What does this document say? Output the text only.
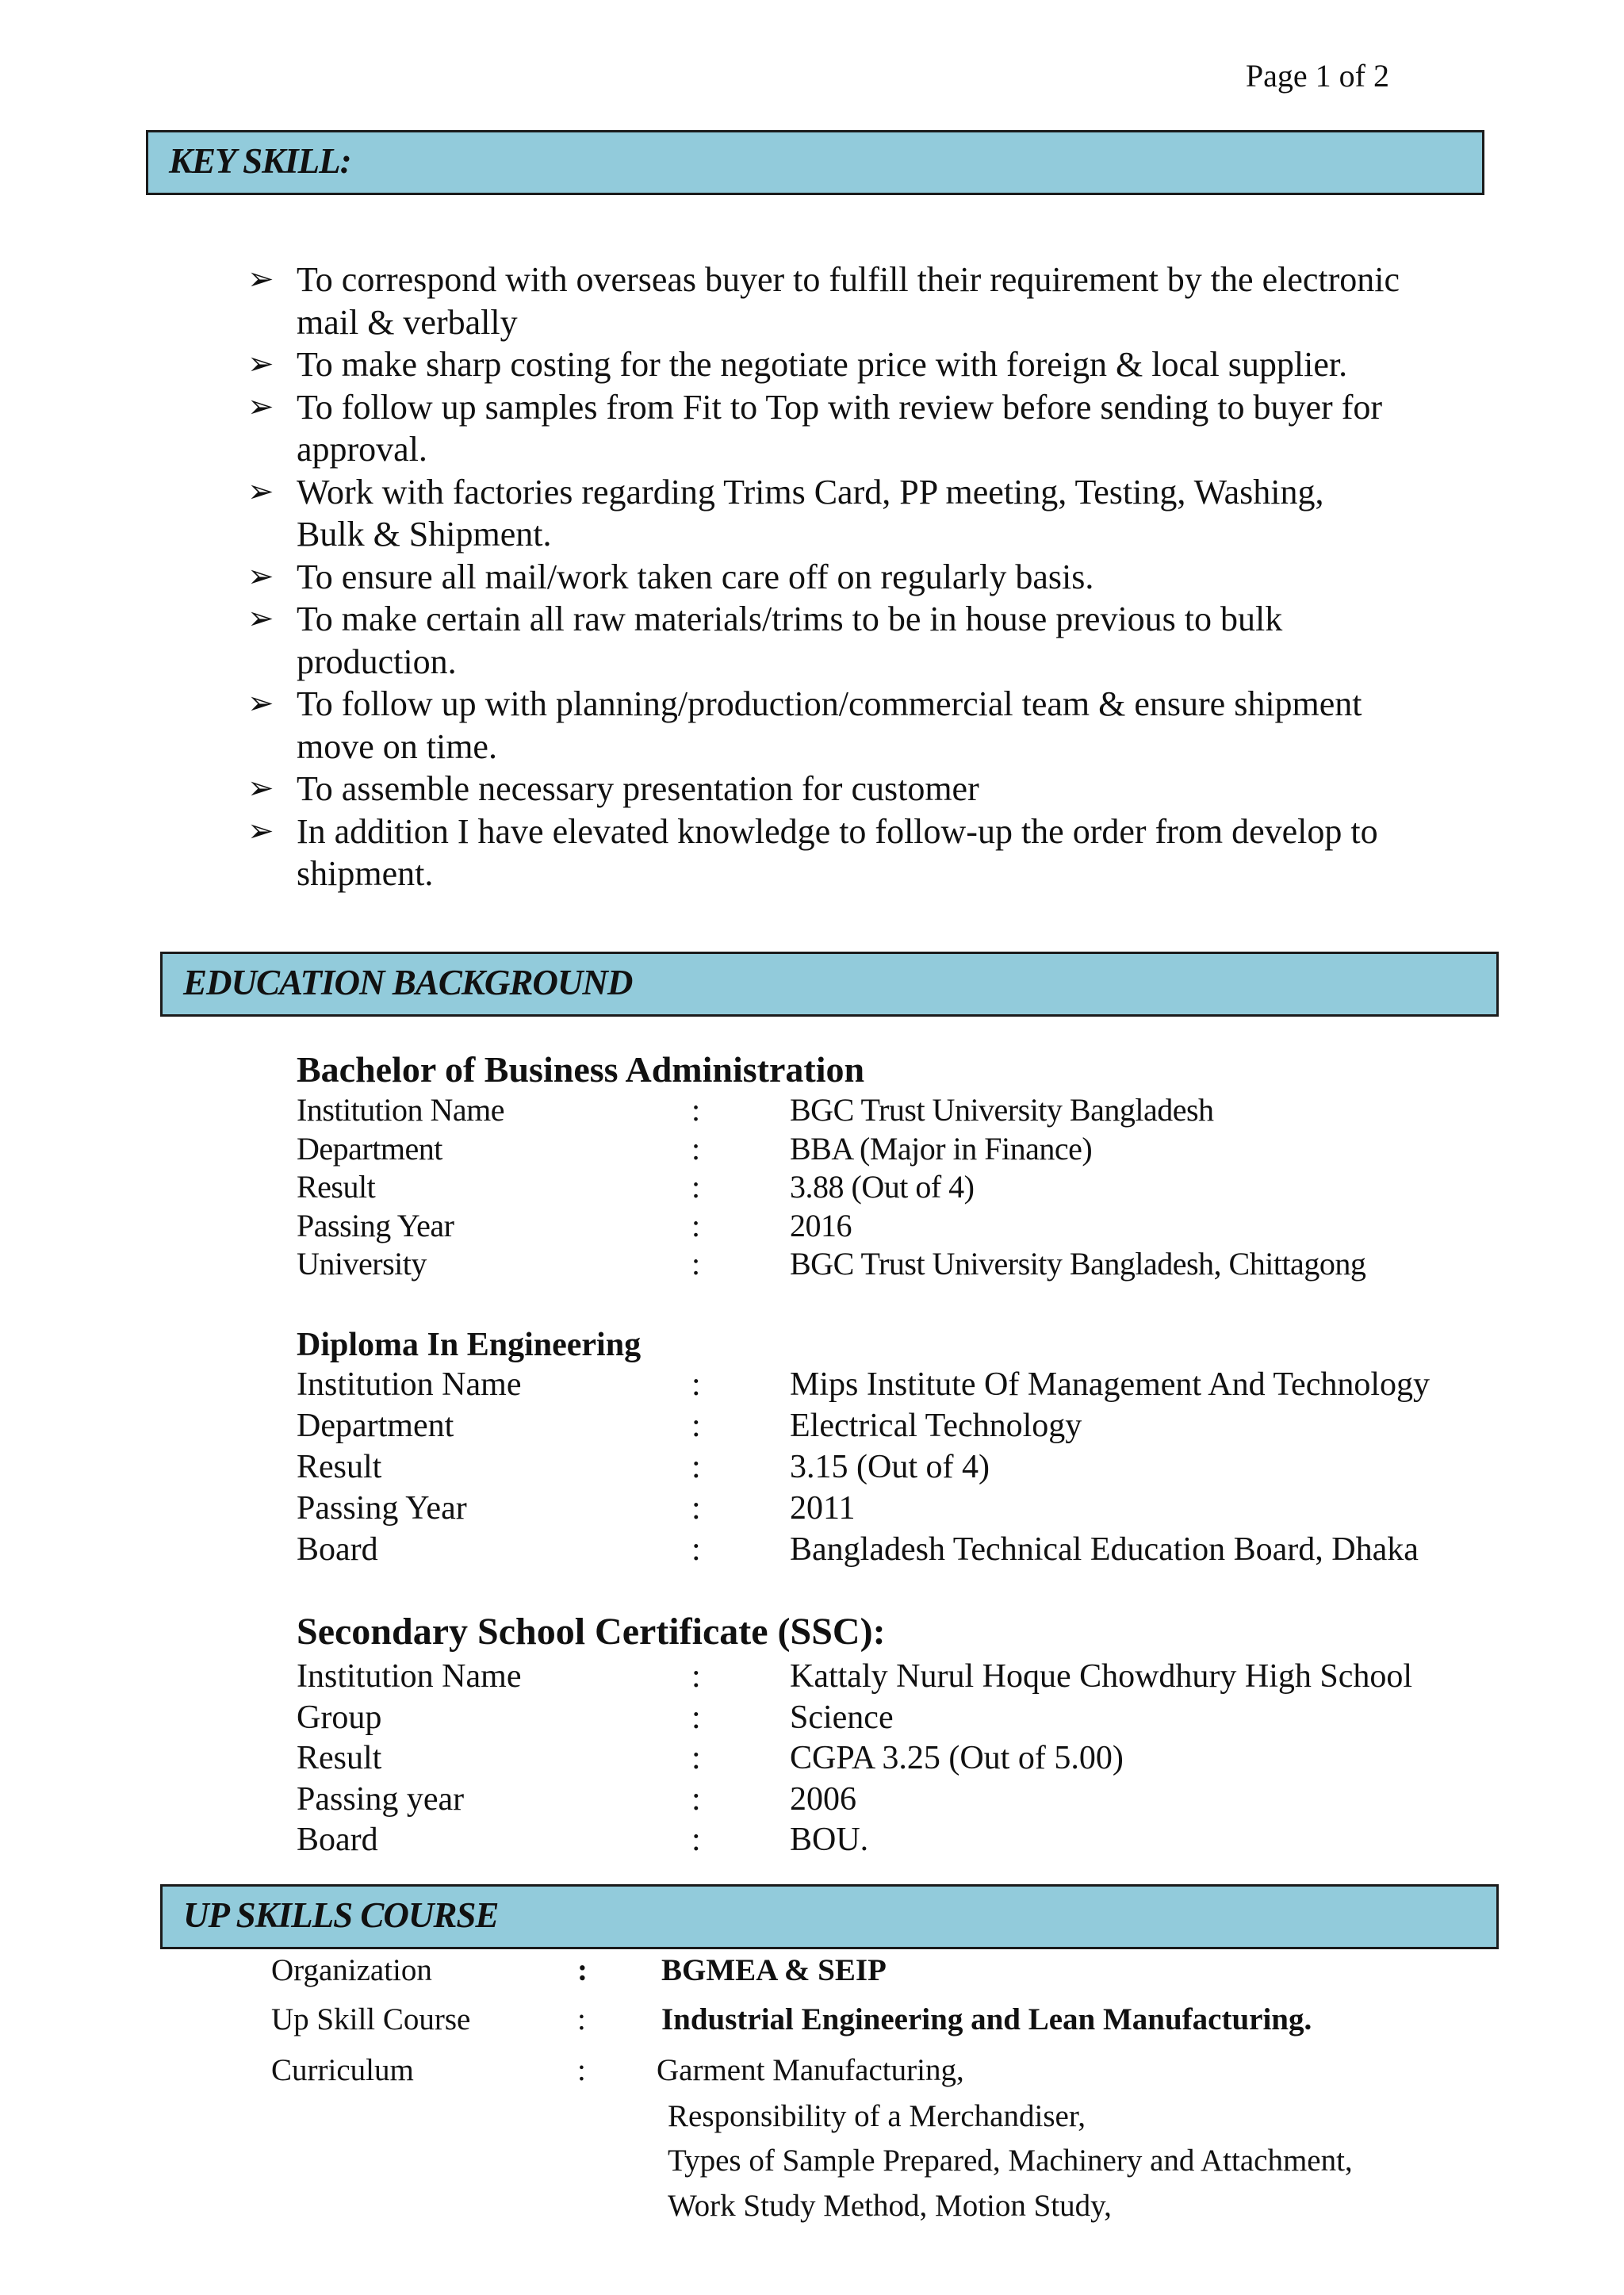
Page 1 of 2
KEY SKILL:
➢ To correspond with overseas buyer to fulfill their requirement by the electronic
mail & verbally
➢ To make sharp costing for the negotiate price with foreign & local supplier.
➢ To follow up samples from Fit to Top with review before sending to buyer for
approval.
➢ Work with factories regarding Trims Card, PP meeting, Testing, Washing,
Bulk & Shipment.
➢ To ensure all mail/work taken care off on regularly basis.
➢ To make certain all raw materials/trims to be in house previous to bulk
production.
➢ To follow up with planning/production/commercial team & ensure shipment
move on time.
➢ To assemble necessary presentation for customer
➢ In addition I have elevated knowledge to follow-up the order from develop to
shipment.
EDUCATION BACKGROUND
Bachelor of Business Administration
Institution Name	:	BGC Trust University Bangladesh
Department	:	BBA (Major in Finance)
Result	:	3.88 (Out of 4)
Passing Year	:	2016
University	:	BGC Trust University Bangladesh, Chittagong
Diploma In Engineering
Institution Name	:	Mips Institute Of Management And Technology
Department	:	Electrical Technology
Result	:	3.15 (Out of 4)
Passing Year	:	2011
Board	:	Bangladesh Technical Education Board, Dhaka
Secondary School Certificate (SSC):
Institution Name	:	Kattaly Nurul Hoque Chowdhury High School
Group	:	Science
Result	:	CGPA 3.25 (Out of 5.00)
Passing year	:	2006
Board	:	BOU.
UP SKILLS COURSE
Organization	: BGMEA & SEIP
Up Skill Course	: Industrial Engineering and Lean Manufacturing.
Curriculum	: Garment Manufacturing,
Responsibility of a Merchandiser,
Types of Sample Prepared, Machinery and Attachment,
Work Study Method, Motion Study,
